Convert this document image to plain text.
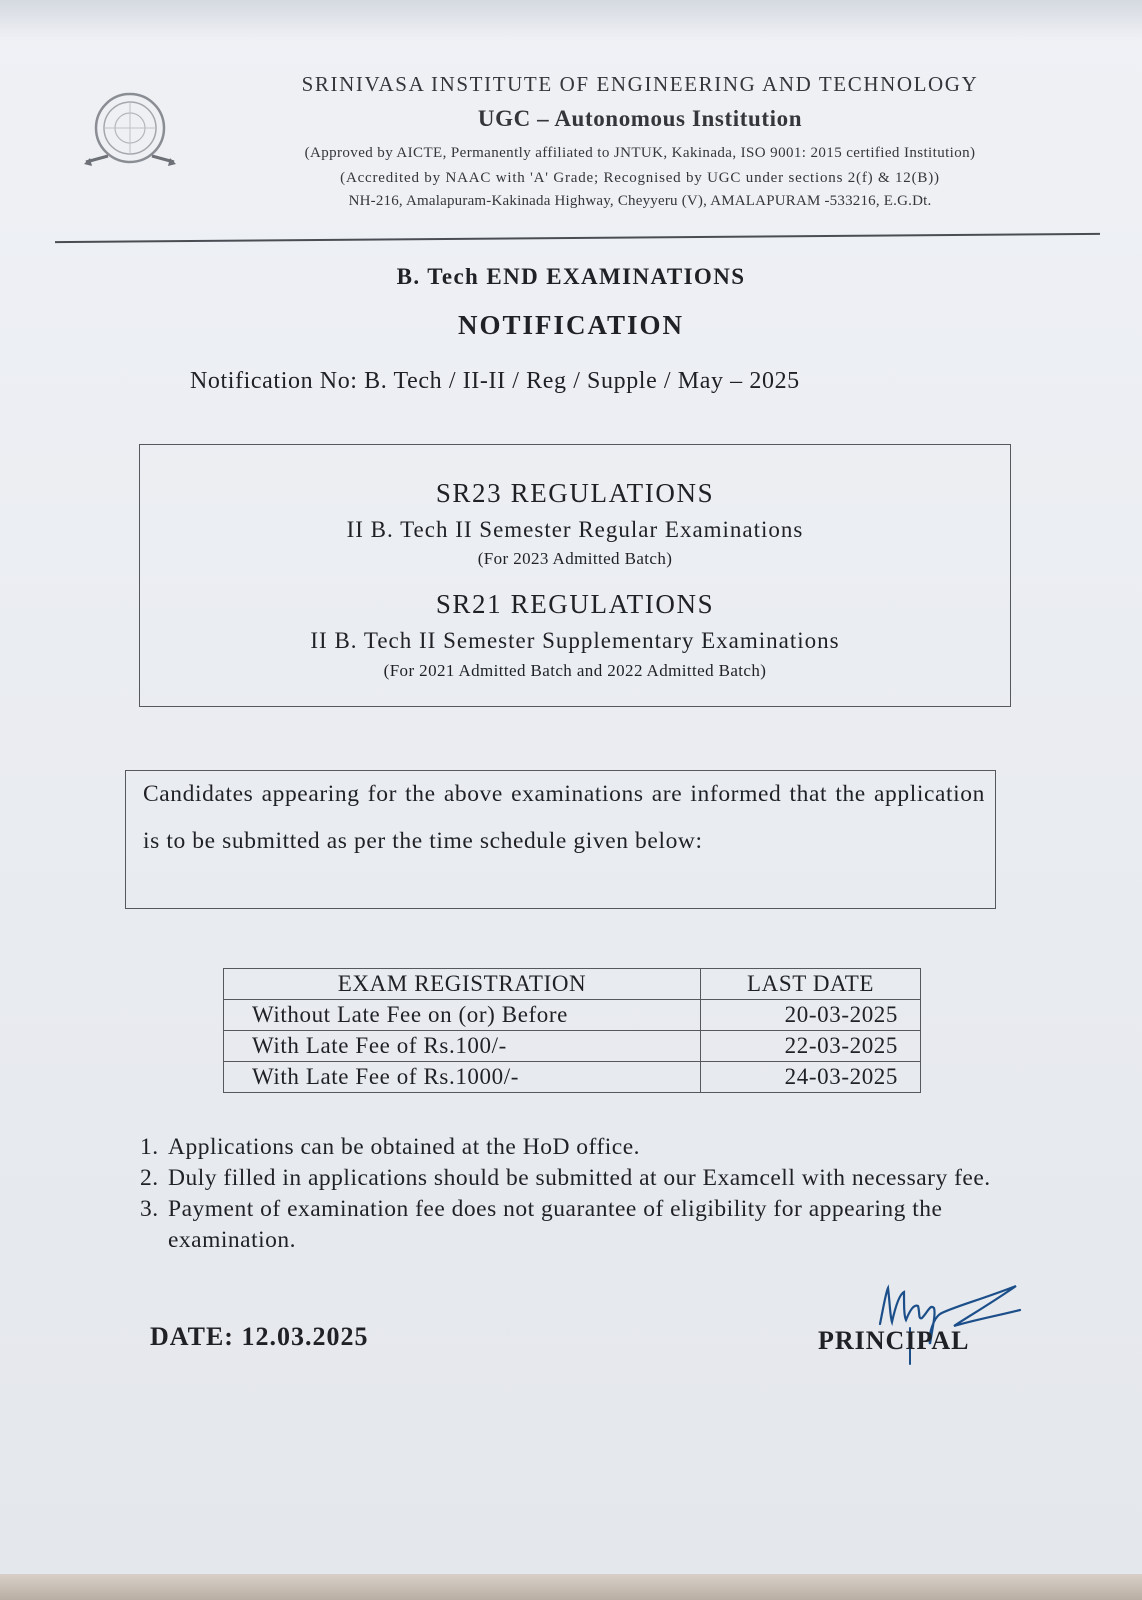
SRINIVASA INSTITUTE OF ENGINEERING AND TECHNOLOGY
UGC – Autonomous Institution
(Approved by AICTE, Permanently affiliated to JNTUK, Kakinada, ISO 9001: 2015 certified Institution)
(Accredited by NAAC with 'A' Grade; Recognised by UGC under sections 2(f) & 12(B))
NH-216, Amalapuram-Kakinada Highway, Cheyyeru (V), AMALAPURAM -533216, E.G.Dt.
B. Tech END EXAMINATIONS
NOTIFICATION
Notification No: B. Tech / II-II / Reg / Supple / May – 2025
SR23 REGULATIONS
II B. Tech II Semester Regular Examinations
(For 2023 Admitted Batch)
SR21 REGULATIONS
II B. Tech II Semester Supplementary Examinations
(For 2021 Admitted Batch and 2022 Admitted Batch)

Candidates appearing for the above examinations are informed that the application is to be submitted as per the time schedule given below:

EXAM REGISTRATION	LAST DATE
Without Late Fee on (or) Before	20-03-2025
With Late Fee of Rs.100/-	22-03-2025
With Late Fee of Rs.1000/-	24-03-2025
1. Applications can be obtained at the HoD office.
2. Duly filled in applications should be submitted at our Examcell with necessary fee.
3. Payment of examination fee does not guarantee of eligibility for appearing the examination.
DATE: 12.03.2025	PRINCIPAL
